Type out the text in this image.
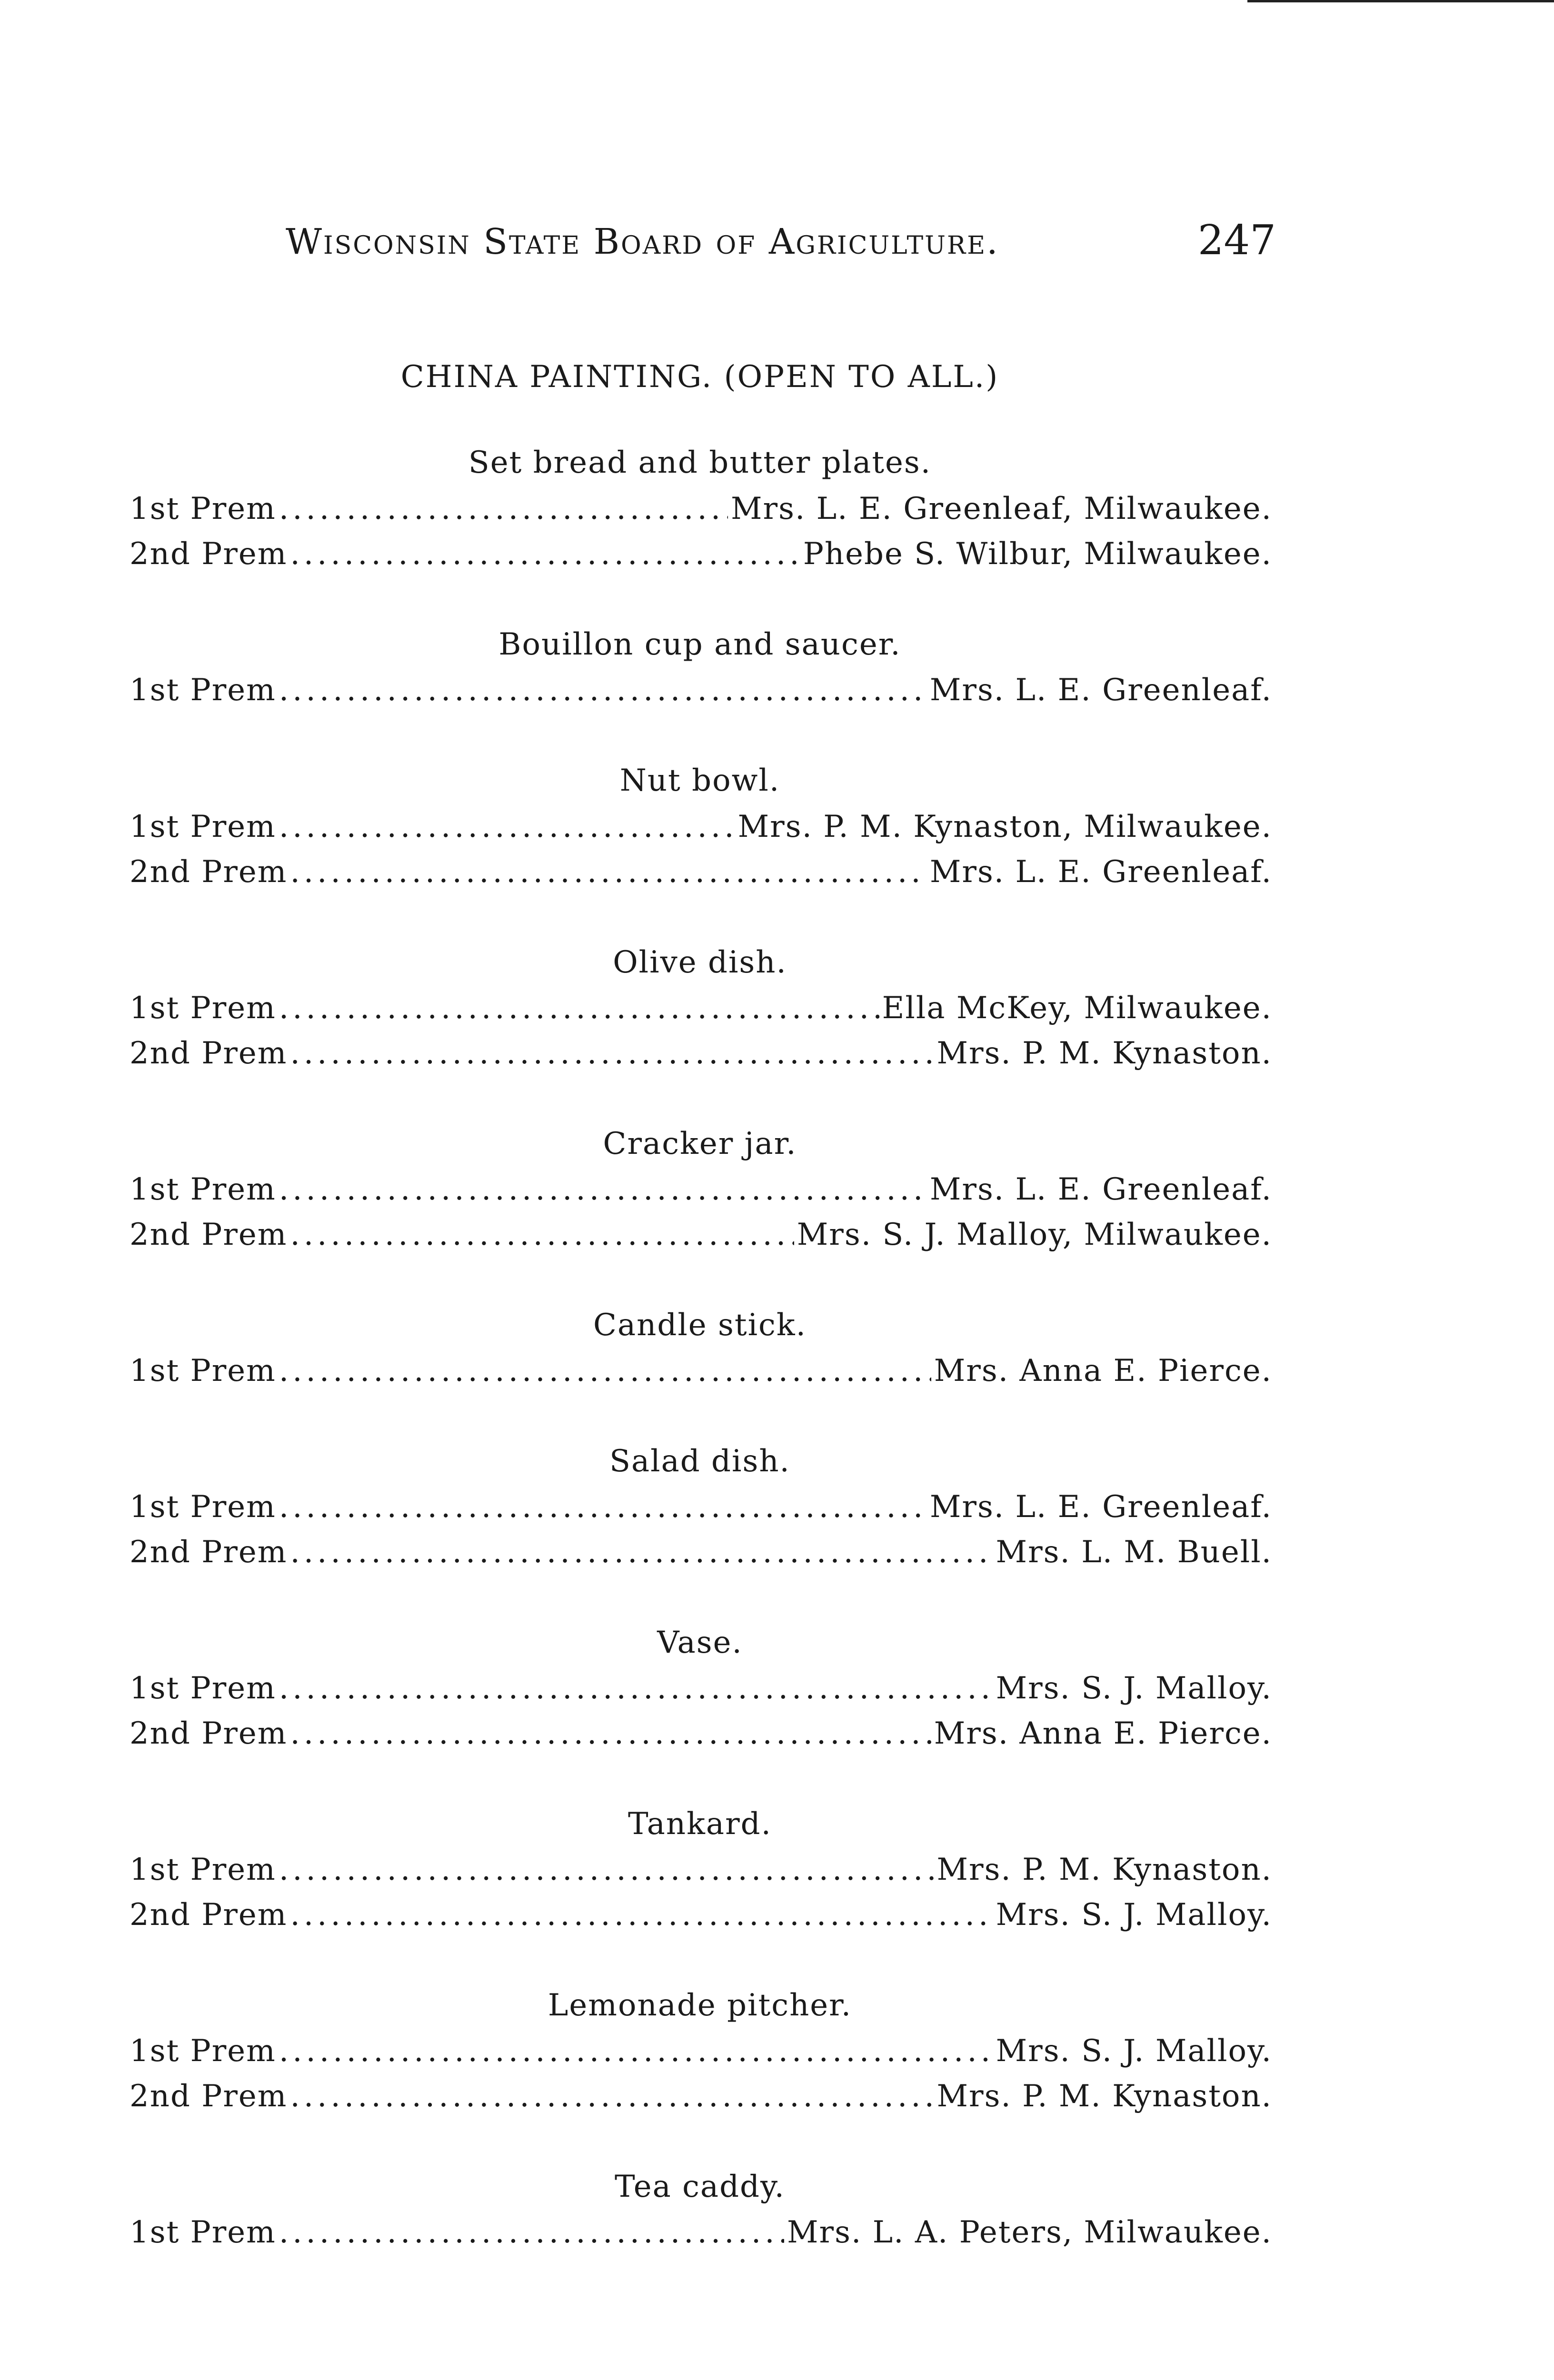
Wisconsin State Board of Agriculture.	247
CHINA PAINTING. (OPEN TO ALL.)
Set bread and butter plates.
1st Prem .....	Mrs. L. E. Greenleaf, Milwaukee.
2nd Prem .....	Phebe S. Wilbur, Milwaukee.
Bouillon cup and saucer.
1st Prem .....	Mrs. L. E. Greenleaf.
Nut bowl.
1st Prem .....	Mrs. P. M. Kynaston, Milwaukee.
2nd Prem .....	Mrs. L. E. Greenleaf.
Olive dish.
1st Prem .....	Ella McKey, Milwaukee.
2nd Prem .....	Mrs. P. M. Kynaston.
Cracker jar.
1st Prem .....	Mrs. L. E. Greenleaf.
2nd Prem .....	Mrs. S. J. Malloy, Milwaukee.
Candle stick.
1st Prem .....	Mrs. Anna E. Pierce.
Salad dish.
1st Prem .....	Mrs. L. E. Greenleaf.
2nd Prem .....	Mrs. L. M. Buell.
Vase.
1st Prem .....	Mrs. S. J. Malloy.
2nd Prem .....	Mrs. Anna E. Pierce.
Tankard.
1st Prem .....	Mrs. P. M. Kynaston.
2nd Prem .....	Mrs. S. J. Malloy.
Lemonade pitcher.
1st Prem .....	Mrs. S. J. Malloy.
2nd Prem .....	Mrs. P. M. Kynaston.
Tea caddy.
1st Prem .....	Mrs. L. A. Peters, Milwaukee.
